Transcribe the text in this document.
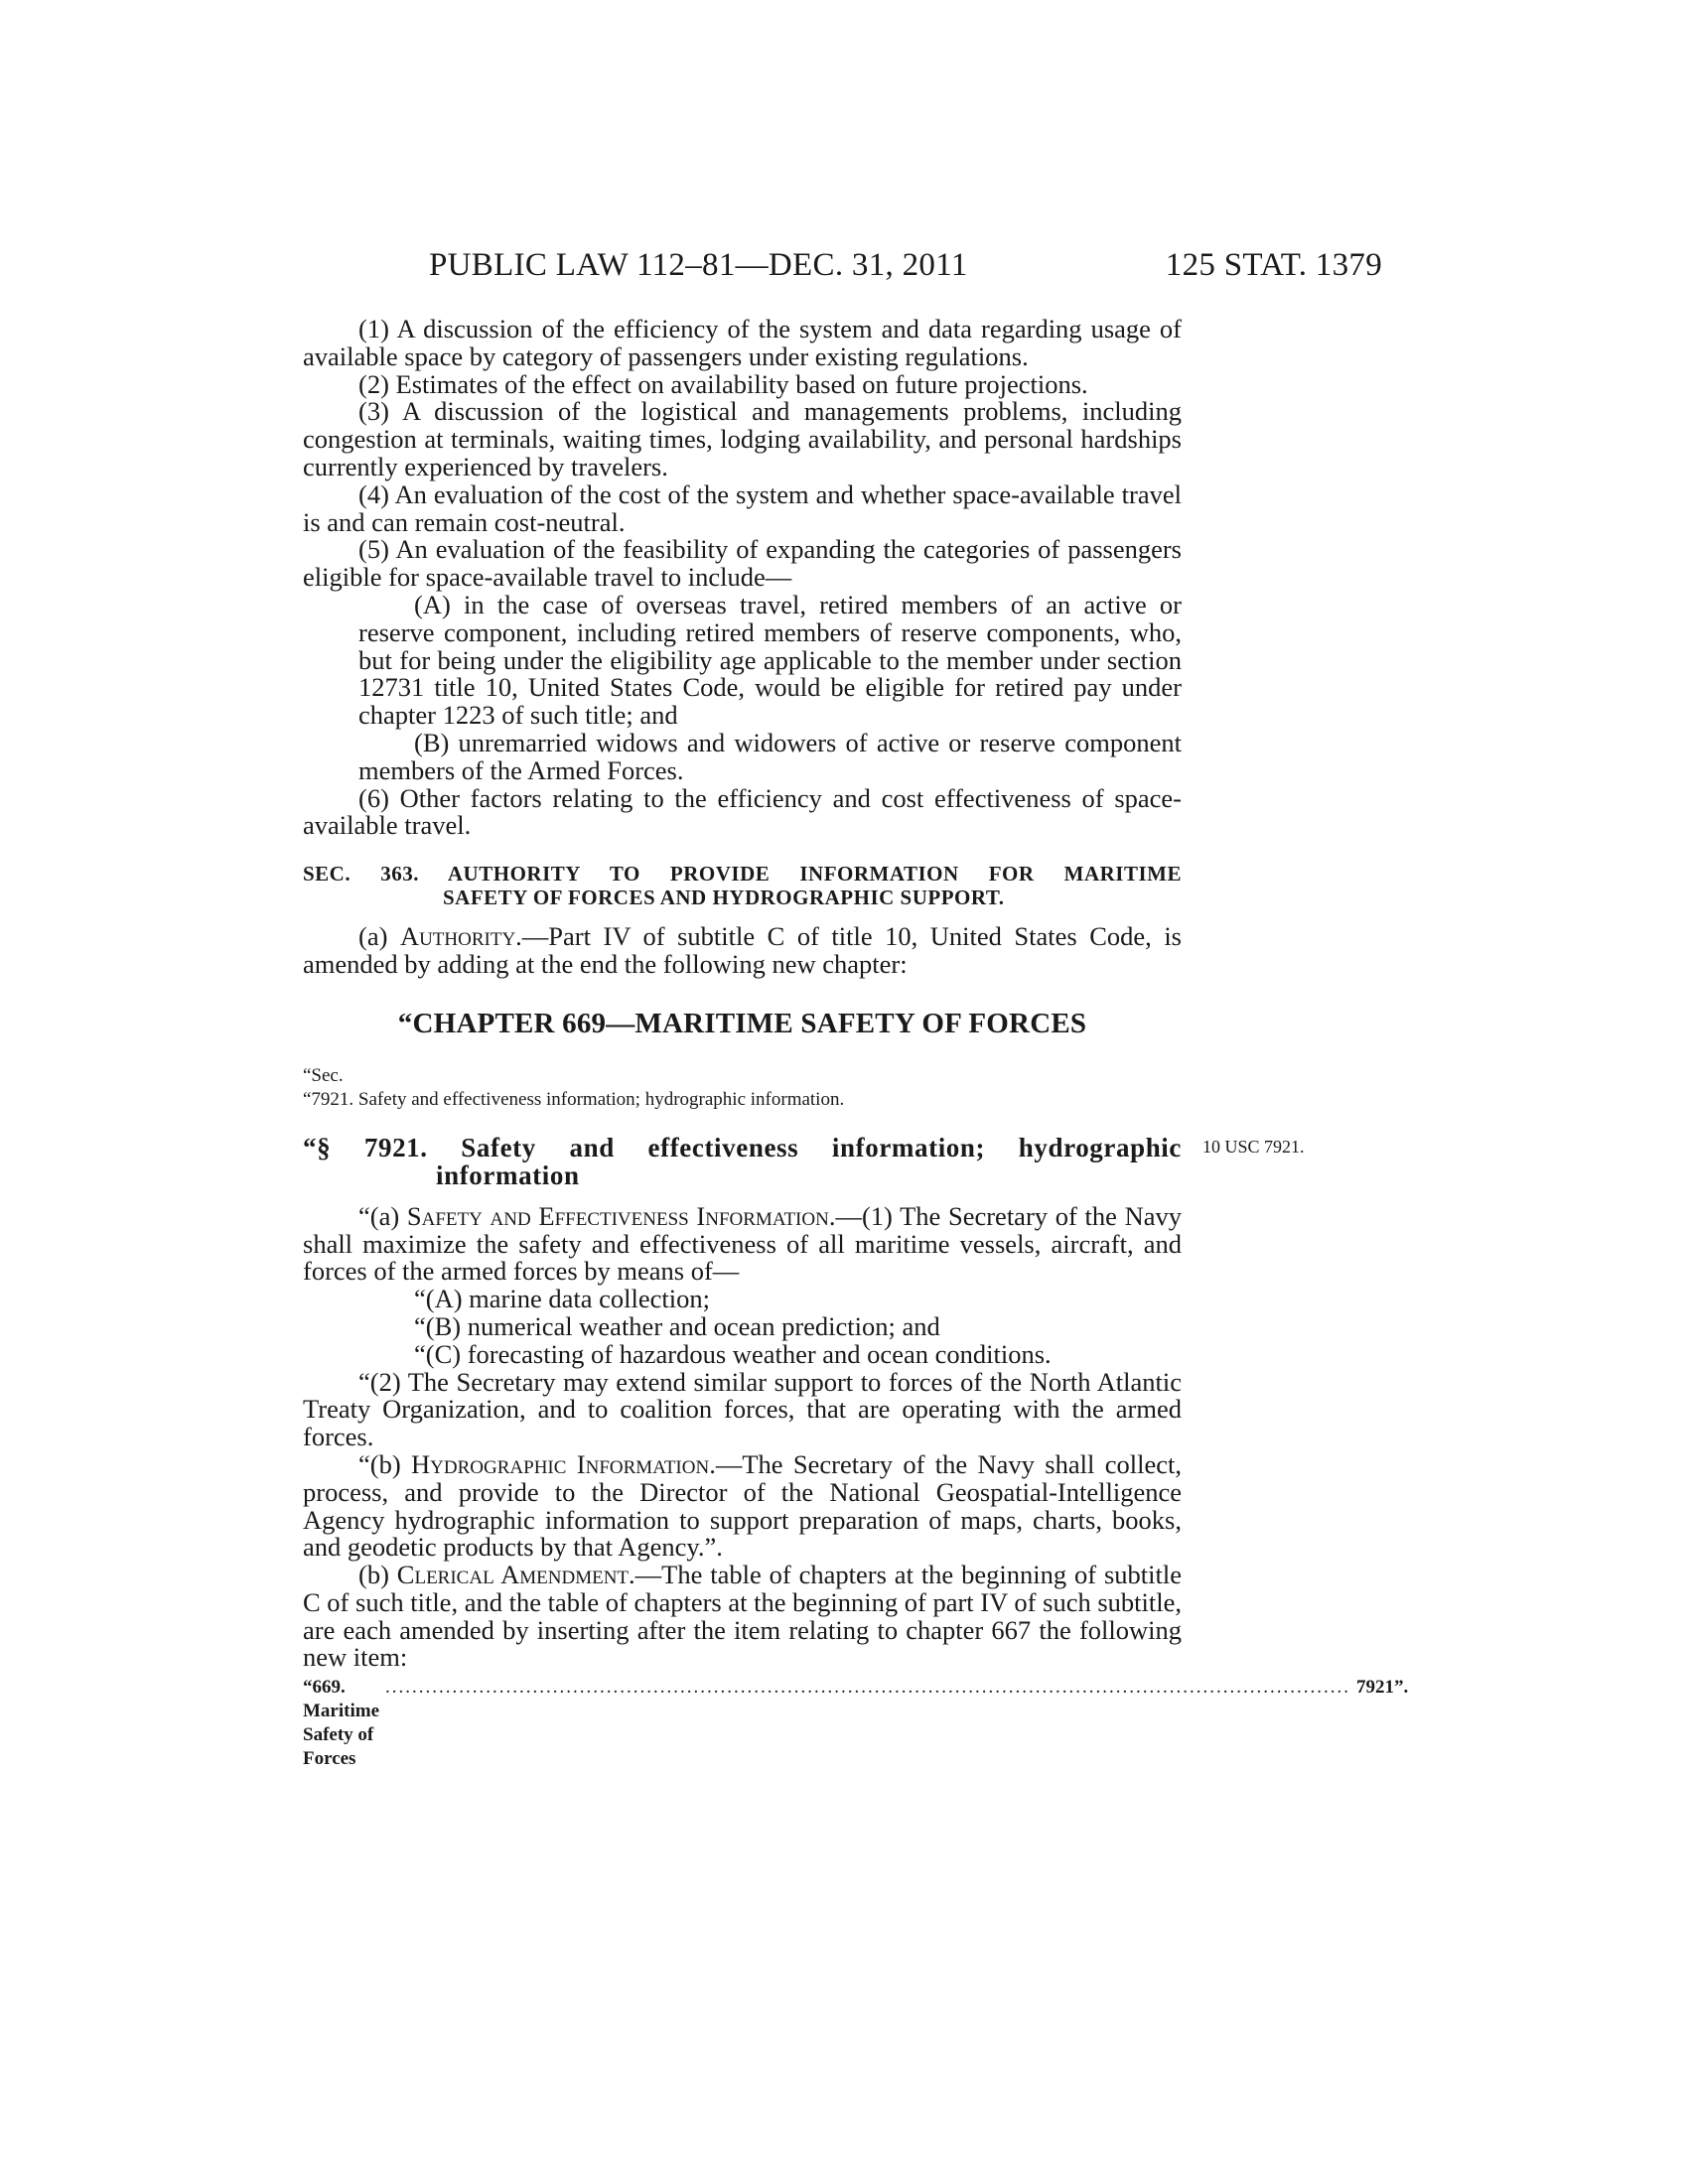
PUBLIC LAW 112–81—DEC. 31, 2011	125 STAT. 1379

(1) A discussion of the efficiency of the system and data regarding usage of available space by category of passengers under existing regulations.

(2) Estimates of the effect on availability based on future projections.

(3) A discussion of the logistical and managements problems, including congestion at terminals, waiting times, lodging availability, and personal hardships currently experienced by travelers.

(4) An evaluation of the cost of the system and whether space-available travel is and can remain cost-neutral.

(5) An evaluation of the feasibility of expanding the categories of passengers eligible for space-available travel to include—

(A) in the case of overseas travel, retired members of an active or reserve component, including retired members of reserve components, who, but for being under the eligibility age applicable to the member under section 12731 title 10, United States Code, would be eligible for retired pay under chapter 1223 of such title; and

(B) unremarried widows and widowers of active or reserve component members of the Armed Forces.

(6) Other factors relating to the efficiency and cost effectiveness of space-available travel.

SEC. 363. AUTHORITY TO PROVIDE INFORMATION FOR MARITIME
SAFETY OF FORCES AND HYDROGRAPHIC SUPPORT.

(a) Authority.—Part IV of subtitle C of title 10, United States Code, is amended by adding at the end the following new chapter:

“CHAPTER 669—MARITIME SAFETY OF FORCES
“Sec.
“7921. Safety and effectiveness information; hydrographic information.
“§ 7921. Safety and effectiveness information; hydrographic
information
10 USC 7921.

“(a) Safety and Effectiveness Information.—(1) The Secretary of the Navy shall maximize the safety and effectiveness of all maritime vessels, aircraft, and forces of the armed forces by means of—

“(A) marine data collection;

“(B) numerical weather and ocean prediction; and

“(C) forecasting of hazardous weather and ocean conditions.

“(2) The Secretary may extend similar support to forces of the North Atlantic Treaty Organization, and to coalition forces, that are operating with the armed forces.

“(b) Hydrographic Information.—The Secretary of the Navy shall collect, process, and provide to the Director of the National Geospatial-Intelligence Agency hydrographic information to support preparation of maps, charts, books, and geodetic products by that Agency.”.

(b) Clerical Amendment.—The table of chapters at the beginning of subtitle C of such title, and the table of chapters at the beginning of part IV of such subtitle, are each amended by inserting after the item relating to chapter 667 the following new item:

“669. Maritime Safety of Forces
................................................................................................................................................ 7921”.
